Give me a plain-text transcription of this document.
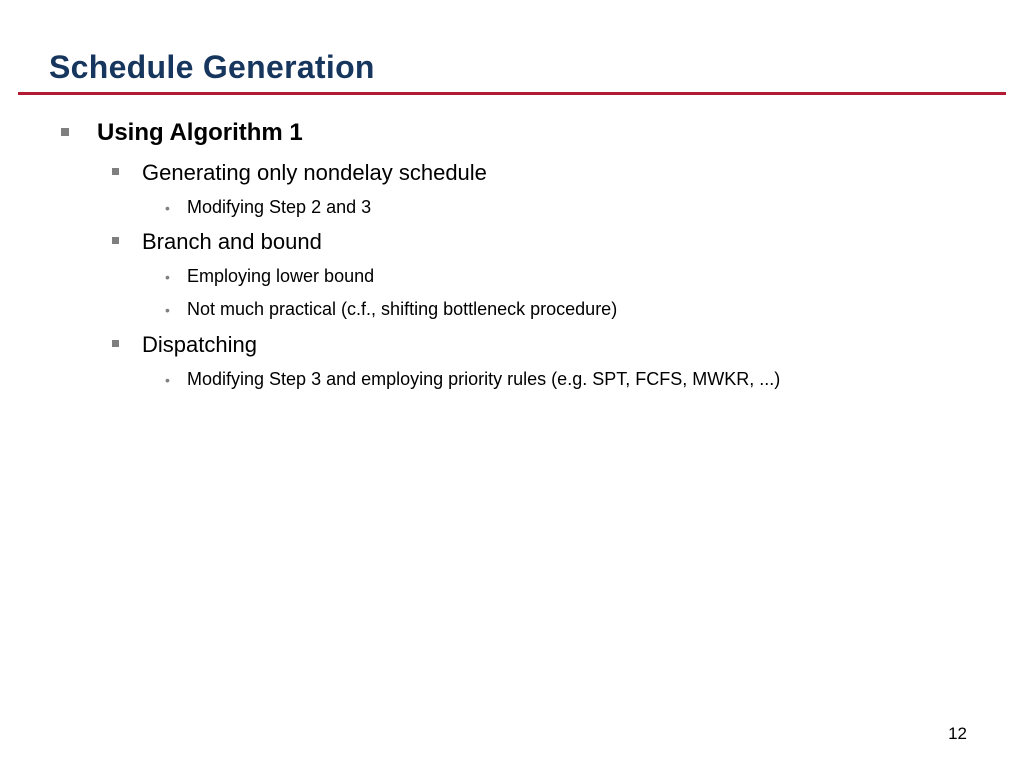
Schedule Generation
Using Algorithm 1
Generating only nondelay schedule
• Modifying Step 2 and 3
Branch and bound
• Employing lower bound
• Not much practical (c.f., shifting bottleneck procedure)
Dispatching
• Modifying Step 3 and employing priority rules (e.g. SPT, FCFS, MWKR, ...)
12
